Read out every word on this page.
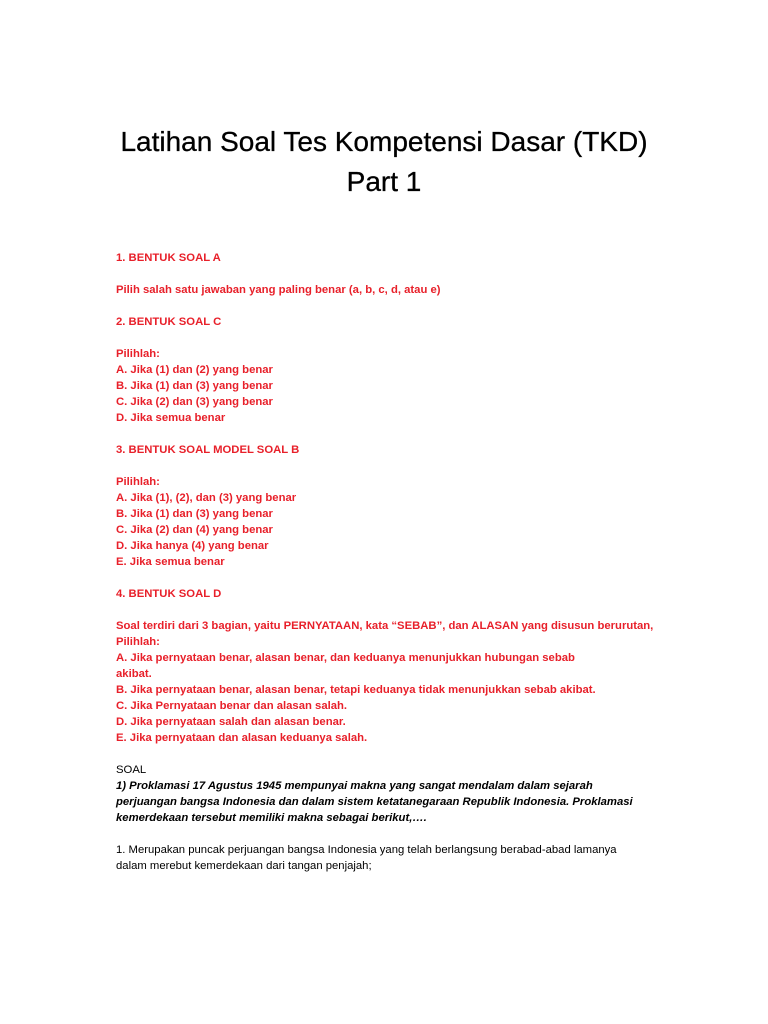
Latihan Soal Tes Kompetensi Dasar (TKD)
Part 1
1. BENTUK SOAL A
Pilih salah satu jawaban yang paling benar (a, b, c, d, atau e)
2. BENTUK SOAL C
Pilihlah:
A. Jika (1) dan (2) yang benar
B. Jika (1) dan (3) yang benar
C. Jika (2) dan (3) yang benar
D. Jika semua benar
3. BENTUK SOAL MODEL SOAL B
Pilihlah:
A. Jika (1), (2), dan (3) yang benar
B. Jika (1) dan (3) yang benar
C. Jika (2) dan (4) yang benar
D. Jika hanya (4) yang benar
E. Jika semua benar
4. BENTUK SOAL D
Soal terdiri dari 3 bagian, yaitu PERNYATAAN, kata “SEBAB”, dan ALASAN yang disusun berurutan,
Pilihlah:
A. Jika pernyataan benar, alasan benar, dan keduanya menunjukkan hubungan sebab
akibat.
B. Jika pernyataan benar, alasan benar, tetapi keduanya tidak menunjukkan sebab akibat.
C. Jika Pernyataan benar dan alasan salah.
D. Jika pernyataan salah dan alasan benar.
E. Jika pernyataan dan alasan keduanya salah.
SOAL
1) Proklamasi 17 Agustus 1945 mempunyai makna yang sangat mendalam dalam sejarah
perjuangan bangsa Indonesia dan dalam sistem ketatanegaraan Republik Indonesia. Proklamasi
kemerdekaan tersebut memiliki makna sebagai berikut,….
1. Merupakan puncak perjuangan bangsa Indonesia yang telah berlangsung berabad-abad lamanya
dalam merebut kemerdekaan dari tangan penjajah;
